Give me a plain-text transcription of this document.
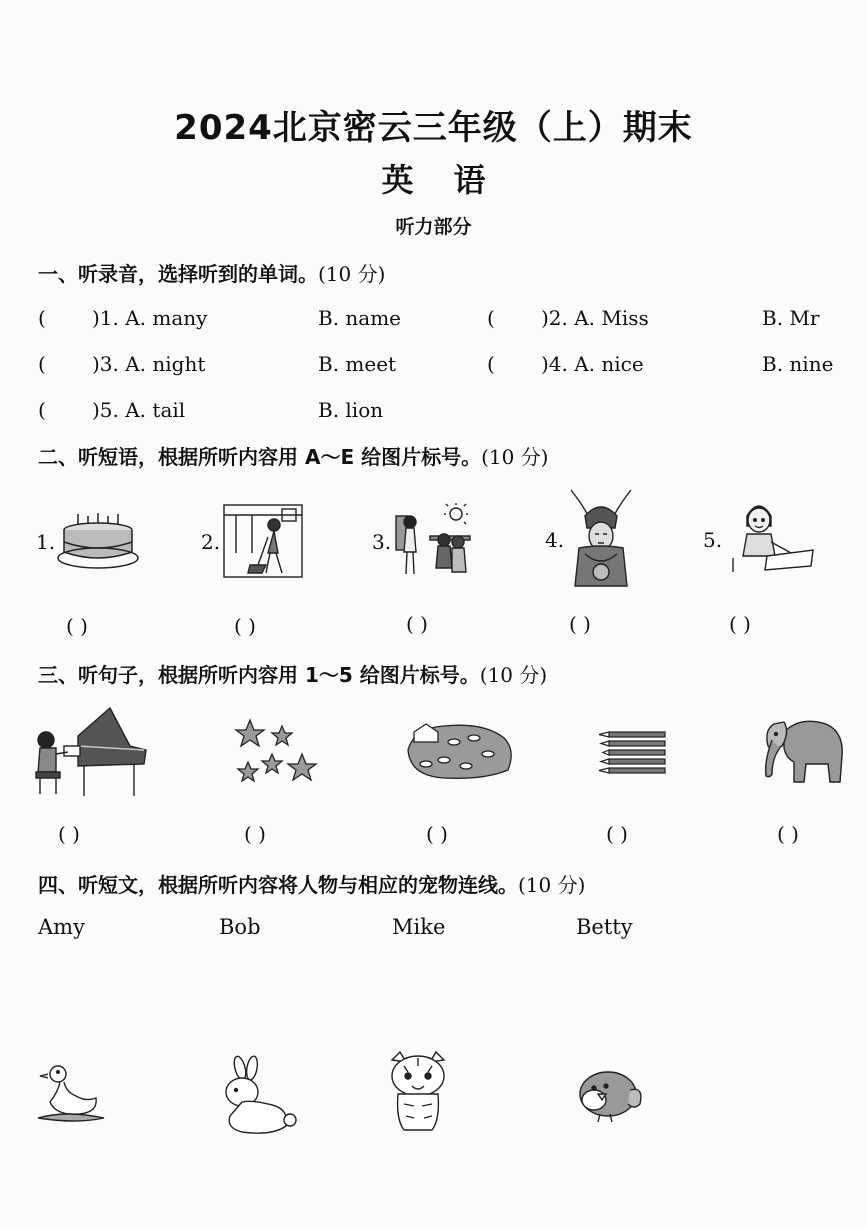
2024北京密云三年级（上）期末
英语
听力部分
一、听录音，选择听到的单词。(10 分)
( )1. A. many	B. name	( )2. A. Miss	B. Mr
( )3. A. night	B. meet	( )4. A. nice	B. nine
( )5. A. tail	B. lion
二、听短语，根据所听内容用 A～E 给图片标号。(10 分)
1.	2.	3.	4.	5.
( )	( )	( )	( )	( )
三、听句子，根据所听内容用 1～5 给图片标号。(10 分)
( )	( )	( )	( )	( )
四、听短文，根据所听内容将人物与相应的宠物连线。(10 分)
Amy	Bob	Mike	Betty
